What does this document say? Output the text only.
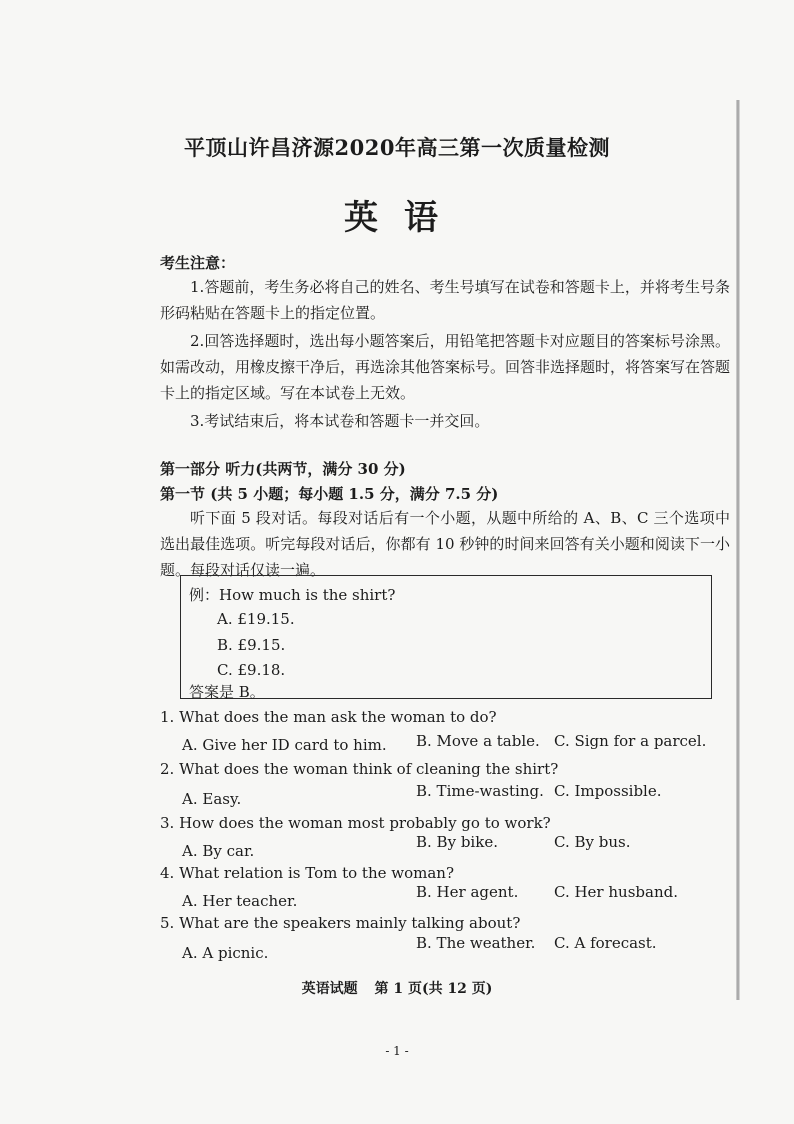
平顶山许昌济源2020年高三第一次质量检测
英语
考生注意：
1.答题前，考生务必将自己的姓名、考生号填写在试卷和答题卡上，并将考生号条形码粘贴在答题卡上的指定位置。
2.回答选择题时，选出每小题答案后，用铅笔把答题卡对应题目的答案标号涂黑。如需改动，用橡皮擦干净后，再选涂其他答案标号。回答非选择题时，将答案写在答题卡上的指定区域。写在本试卷上无效。
3.考试结束后，将本试卷和答题卡一并交回。
第一部分 听力(共两节，满分 30 分)
第一节 (共 5 小题；每小题 1.5 分，满分 7.5 分)
听下面 5 段对话。每段对话后有一个小题，从题中所给的 A、B、C 三个选项中选出最佳选项。听完每段对话后，你都有 10 秒钟的时间来回答有关小题和阅读下一小题。每段对话仅读一遍。
例：How much is the shirt?
A. £19.15.
B. £9.15.
C. £9.18.
答案是 B。
1. What does the man ask the woman to do?
A. Give her ID card to him. B. Move a table. C. Sign for a parcel.
2. What does the woman think of cleaning the shirt?
A. Easy.	B. Time-wasting. C. Impossible.
3. How does the woman most probably go to work?
A. By car.	B. By bike.	C. By bus.
4. What relation is Tom to the woman?
A. Her teacher.	B. Her agent. C. Her husband.
5. What are the speakers mainly talking about?
A. A picnic.
B. The weather. C. A forecast.
英语试题 第 1 页(共 12 页)
- 1 -
